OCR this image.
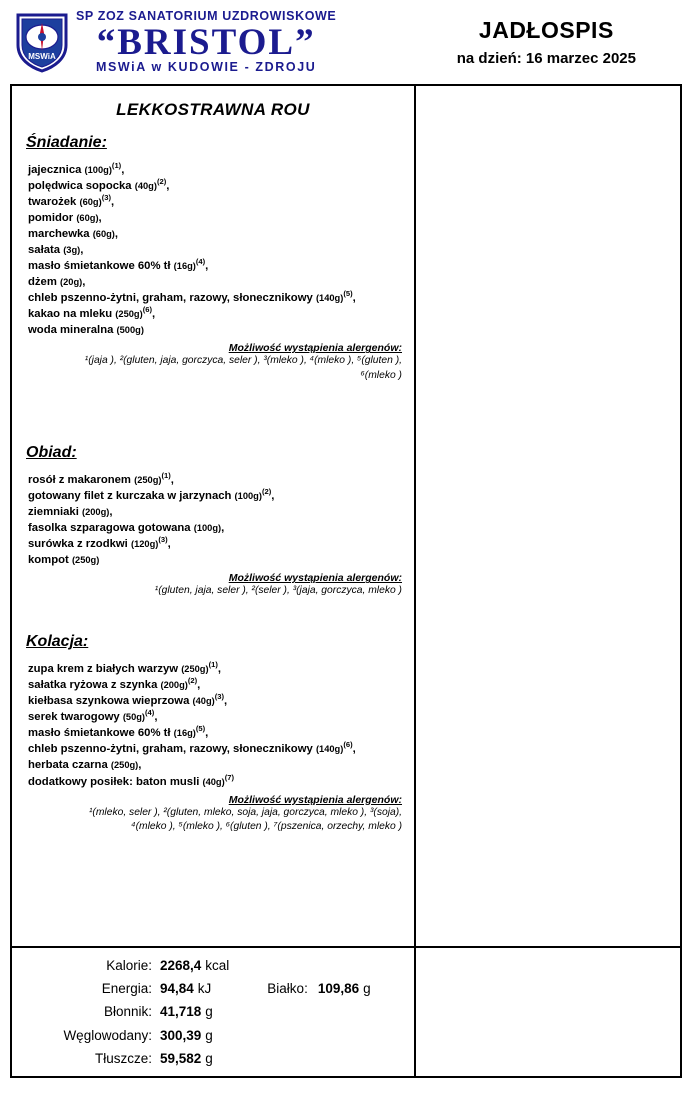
MSWiA
SP ZOZ SANATORIUM UZDROWISKOWE
“BRISTOL”
MSWiA w KUDOWIE - ZDROJU
JADŁOSPIS
na dzień: 16 marzec 2025
LEKKOSTRAWNA ROU
Śniadanie:
jajecznica $(100g)^{(1)}$,
polędwica sopocka $(40g)^{(2)}$,
twarożek $(60g)^{(3)}$,
pomidor (60g),
marchewka (60g),
sałata (3g),
masło śmietankowe 60% tł $(16g)^{(4)}$,
dżem (20g),
chleb pszenno-żytni, graham, razowy, słonecznikowy $(140g)^{(5)}$,
kakao na mleku $(250g)^{(6)}$,
woda mineralna (500g)
Możliwość wystąpienia alergenów:
¹(jaja ), ²(gluten, jaja, gorczyca, seler ), ³(mleko ), ⁴(mleko ), ⁵(gluten ),
⁶(mleko )
Obiad:
rosół z makaronem $(250g)^{(1)}$,
gotowany filet z kurczaka w jarzynach $(100g)^{(2)}$,
ziemniaki (200g),
fasolka szparagowa gotowana (100g),
surówka z rzodkwi $(120g)^{(3)}$,
kompot (250g)
Możliwość wystąpienia alergenów:
¹(gluten, jaja, seler ), ²(seler ), ³(jaja, gorczyca, mleko )
Kolacja:
zupa krem z białych warzyw $(250g)^{(1)}$,
sałatka ryżowa z szynka $(200g)^{(2)}$,
kiełbasa szynkowa wieprzowa $(40g)^{(3)}$,
serek twarogowy $(50g)^{(4)}$,
masło śmietankowe 60% tł $(16g)^{(5)}$,
chleb pszenno-żytni, graham, razowy, słonecznikowy $(140g)^{(6)}$,
herbata czarna (250g),
dodatkowy posiłek: baton musli $(40g)^{(7)}$
Możliwość wystąpienia alergenów:
¹(mleko, seler ), ²(gluten, mleko, soja, jaja, gorczyca, mleko ), ³(soja),
⁴(mleko ), ⁵(mleko ), ⁶(gluten ), ⁷(pszenica, orzechy, mleko )
Kalorie: 2268,4 kcal
Energia: 94,84 kJ	Białko: 109,86 g
Błonnik: 41,718 g
Węglowodany: 300,39 g
Tłuszcze: 59,582 g
